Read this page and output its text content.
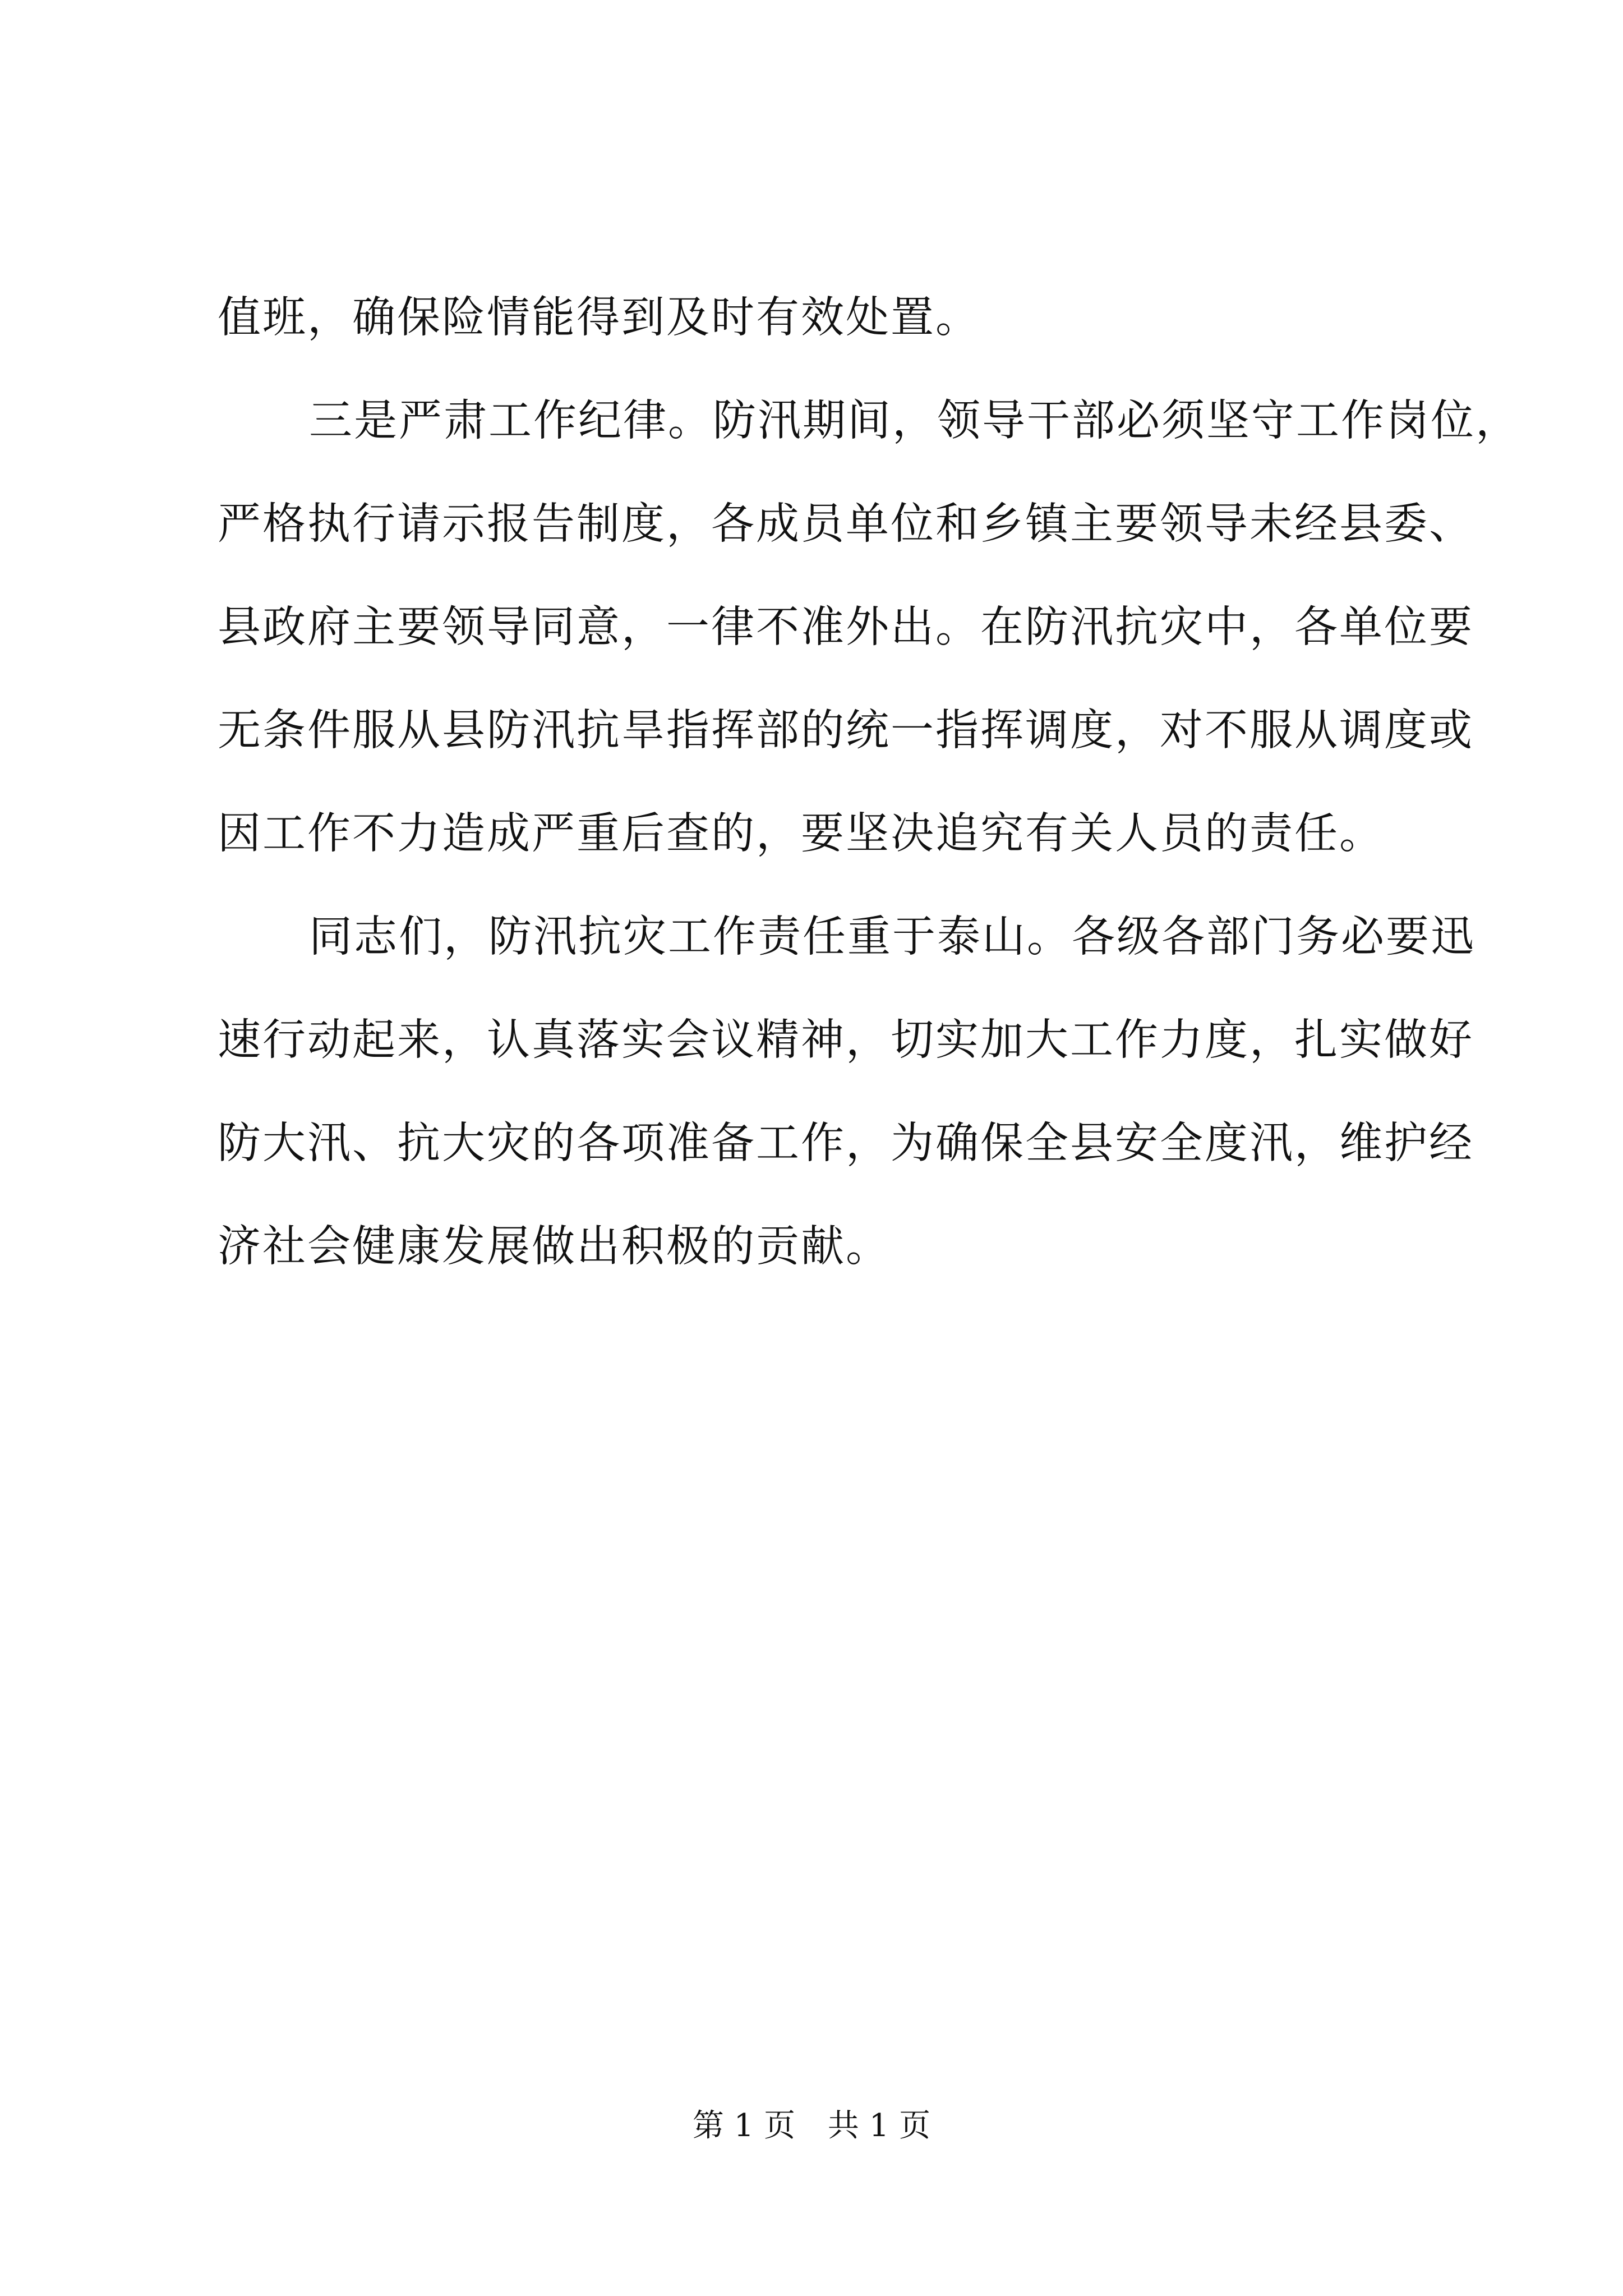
值班，确保险情能得到及时有效处置。
三是严肃工作纪律。防汛期间，领导干部必须坚守工作岗位，
严格执行请示报告制度，各成员单位和乡镇主要领导未经县委、
县政府主要领导同意，一律不准外出。在防汛抗灾中，各单位要
无条件服从县防汛抗旱指挥部的统一指挥调度，对不服从调度或
因工作不力造成严重后查的，要坚决追究有关人员的责任。
同志们，防汛抗灾工作责任重于泰山。各级各部门务必要迅
速行动起来，认真落实会议精神，切实加大工作力度，扎实做好
防大汛、抗大灾的各项准备工作，为确保全县安全度汛，维护经
济社会健康发展做出积极的贡献。
第 1 页 共 1 页
